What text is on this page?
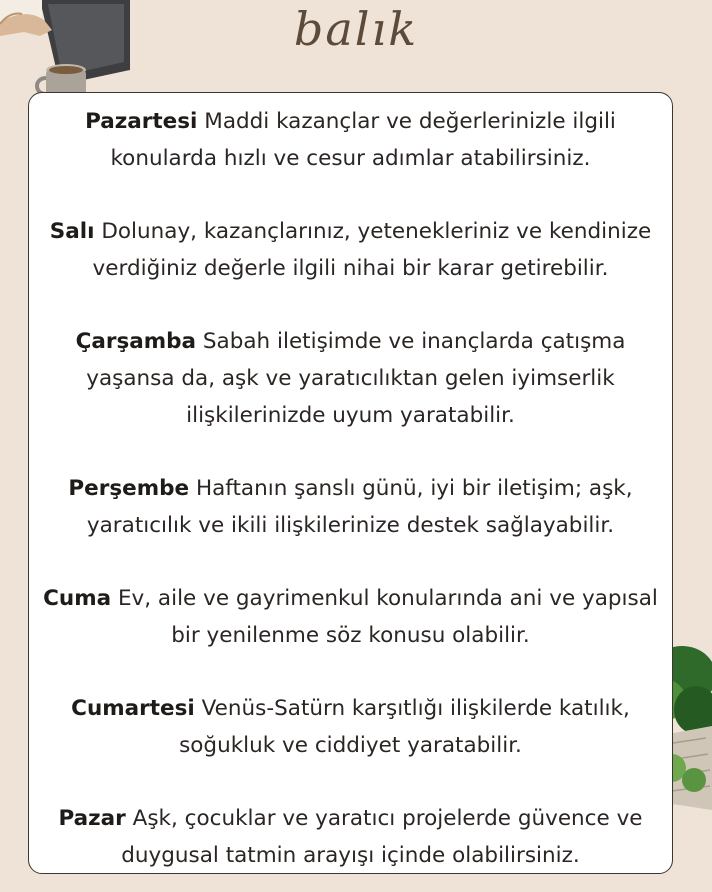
balık

Pazartesi Maddi kazançlar ve değerlerinizle ilgili konularda hızlı ve cesur adımlar atabilirsiniz.

Salı Dolunay, kazançlarınız, yetenekleriniz ve kendinize verdiğiniz değerle ilgili nihai bir karar getirebilir.

Çarşamba Sabah iletişimde ve inançlarda çatışma yaşansa da, aşk ve yaratıcılıktan gelen iyimserlik ilişkilerinizde uyum yaratabilir.

Perşembe Haftanın şanslı günü, iyi bir iletişim; aşk, yaratıcılık ve ikili ilişkilerinize destek sağlayabilir.

Cuma Ev, aile ve gayrimenkul konularında ani ve yapısal bir yenilenme söz konusu olabilir.

Cumartesi Venüs-Satürn karşıtlığı ilişkilerde katılık, soğukluk ve ciddiyet yaratabilir.

Pazar Aşk, çocuklar ve yaratıcı projelerde güvence ve duygusal tatmin arayışı içinde olabilirsiniz.
